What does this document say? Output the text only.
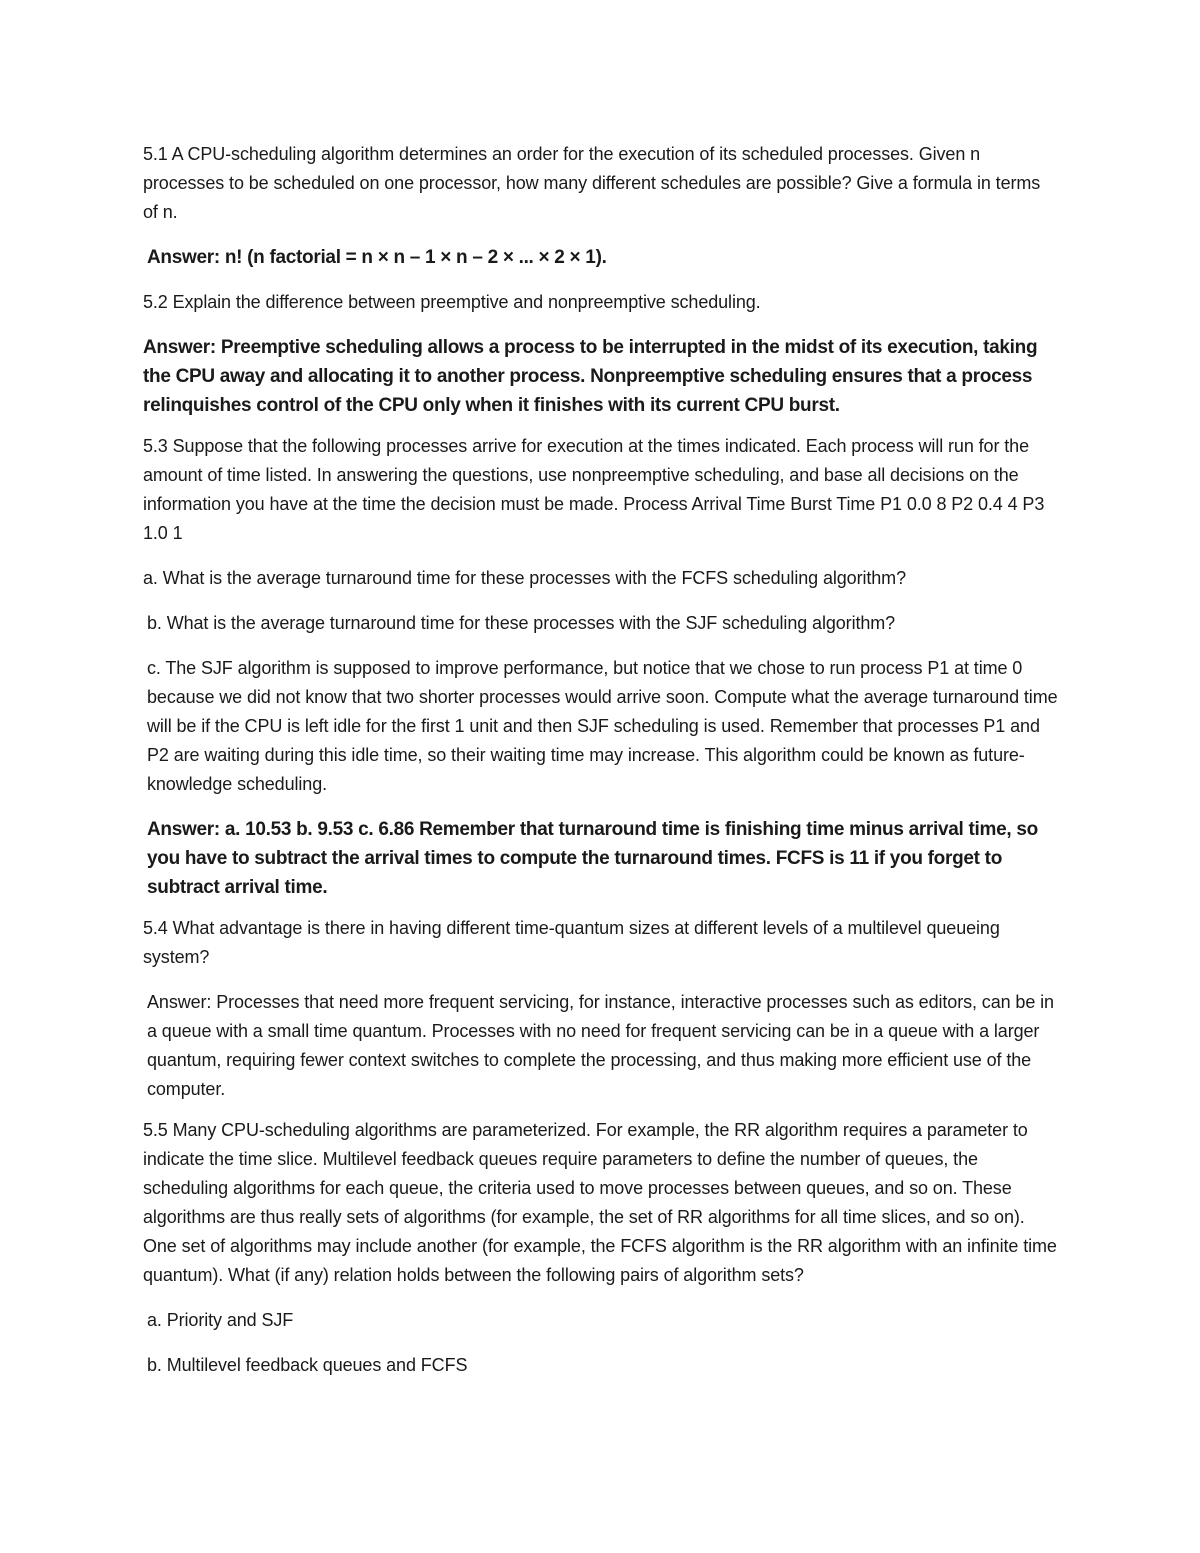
5.1 A CPU-scheduling algorithm determines an order for the execution of its scheduled processes. Given n processes to be scheduled on one processor, how many different schedules are possible? Give a formula in terms of n.

Answer: n! (n factorial = n × n – 1 × n – 2 × ... × 2 × 1).

5.2 Explain the difference between preemptive and nonpreemptive scheduling.

Answer: Preemptive scheduling allows a process to be interrupted in the midst of its execution, taking the CPU away and allocating it to another process. Nonpreemptive scheduling ensures that a process relinquishes control of the CPU only when it finishes with its current CPU burst.

5.3 Suppose that the following processes arrive for execution at the times indicated. Each process will run for the amount of time listed. In answering the questions, use nonpreemptive scheduling, and base all decisions on the information you have at the time the decision must be made. Process Arrival Time Burst Time P1 0.0 8 P2 0.4 4 P3 1.0 1

a. What is the average turnaround time for these processes with the FCFS scheduling algorithm?

b. What is the average turnaround time for these processes with the SJF scheduling algorithm?

c. The SJF algorithm is supposed to improve performance, but notice that we chose to run process P1 at time 0 because we did not know that two shorter processes would arrive soon. Compute what the average turnaround time will be if the CPU is left idle for the first 1 unit and then SJF scheduling is used. Remember that processes P1 and P2 are waiting during this idle time, so their waiting time may increase. This algorithm could be known as future-knowledge scheduling.

Answer: a. 10.53 b. 9.53 c. 6.86 Remember that turnaround time is finishing time minus arrival time, so you have to subtract the arrival times to compute the turnaround times. FCFS is 11 if you forget to subtract arrival time.

5.4 What advantage is there in having different time-quantum sizes at different levels of a multilevel queueing system?

Answer: Processes that need more frequent servicing, for instance, interactive processes such as editors, can be in a queue with a small time quantum. Processes with no need for frequent servicing can be in a queue with a larger quantum, requiring fewer context switches to complete the processing, and thus making more efficient use of the computer.

5.5 Many CPU-scheduling algorithms are parameterized. For example, the RR algorithm requires a parameter to indicate the time slice. Multilevel feedback queues require parameters to define the number of queues, the scheduling algorithms for each queue, the criteria used to move processes between queues, and so on. These algorithms are thus really sets of algorithms (for example, the set of RR algorithms for all time slices, and so on). One set of algorithms may include another (for example, the FCFS algorithm is the RR algorithm with an infinite time quantum). What (if any) relation holds between the following pairs of algorithm sets?

a. Priority and SJF

b. Multilevel feedback queues and FCFS
